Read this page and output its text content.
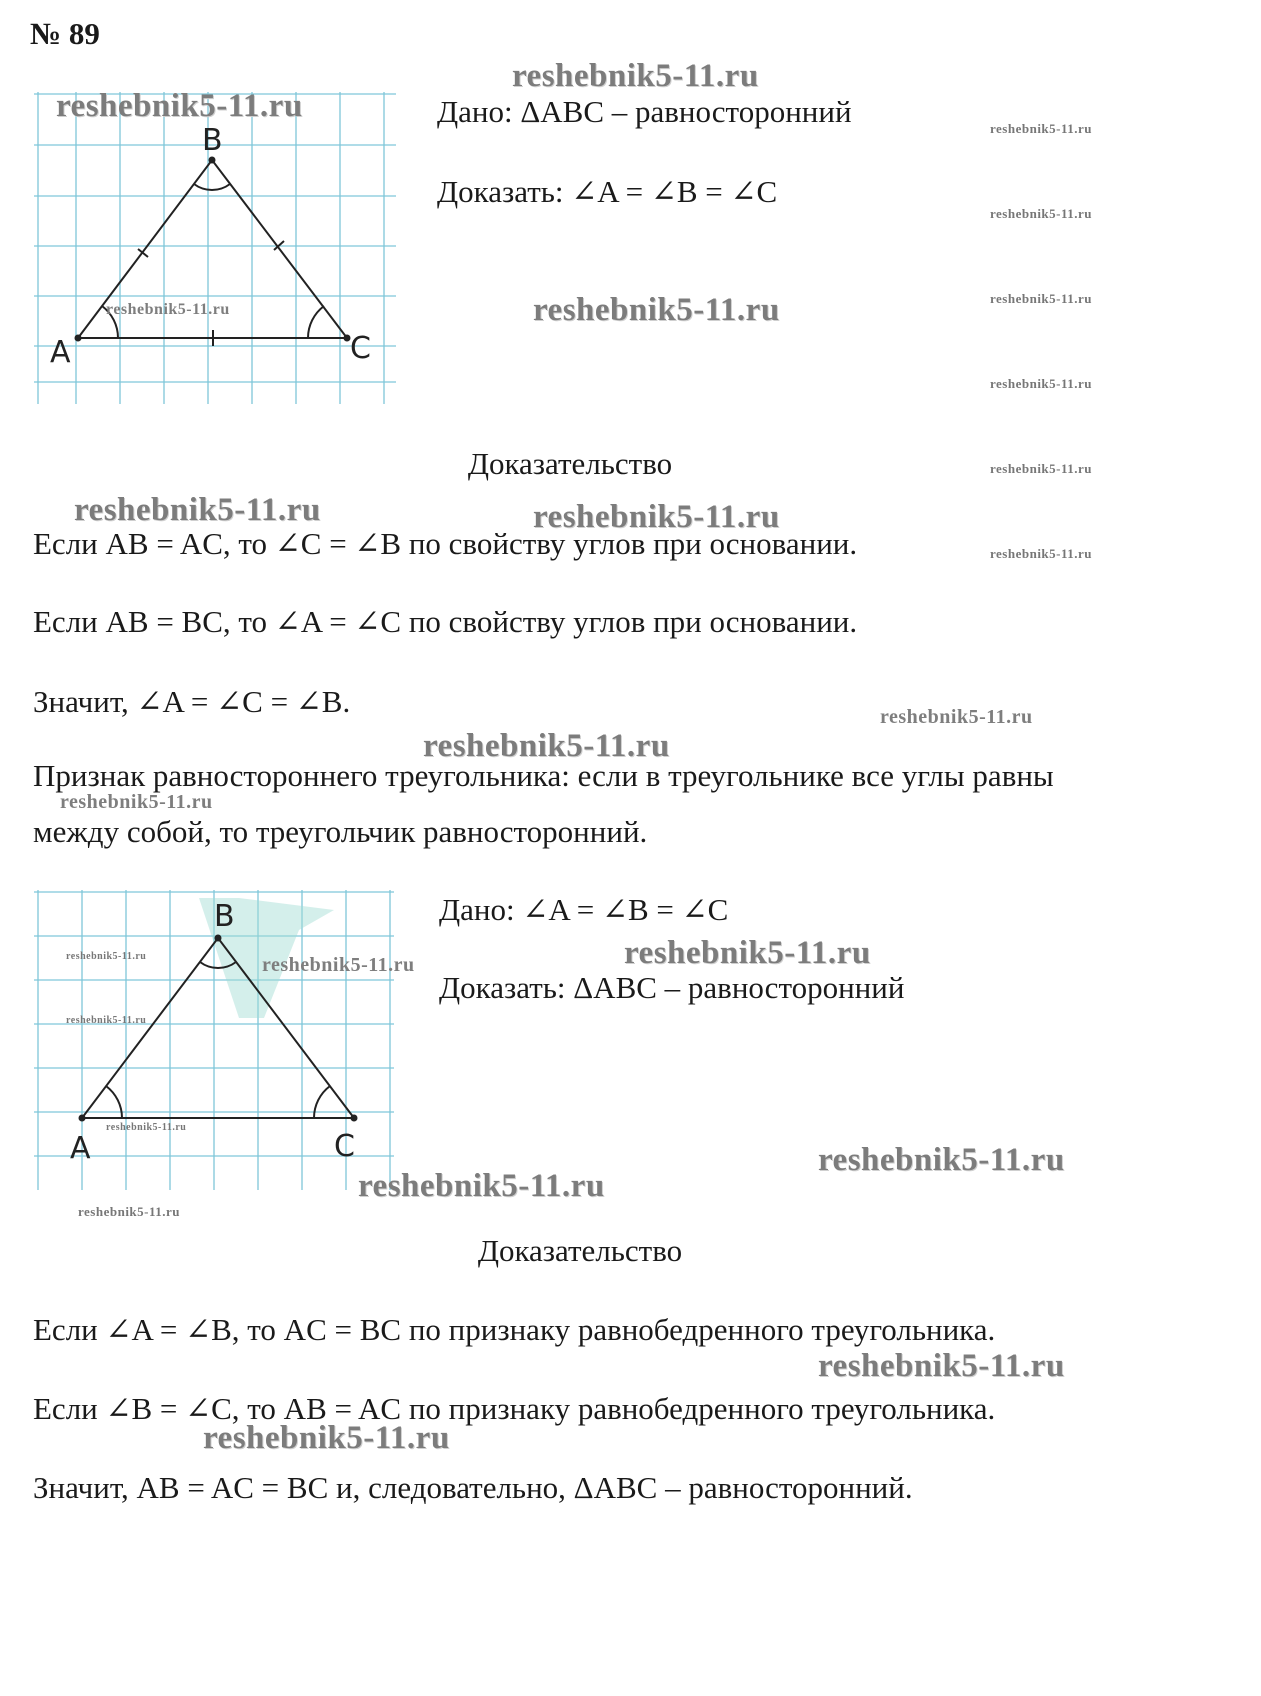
№ 89
A
B
C
Дано: ΔABC – равносторонний
Доказать: ∠A = ∠B = ∠C
Доказательство
Если AB = AC, то ∠C = ∠B по свойству углов при основании.
Если AB = BC, то ∠A = ∠C по свойству углов при основании.
Значит, ∠A = ∠C = ∠B.
Признак равностороннего треугольника: если в треугольнике все углы равны
между собой, то треугольчик равносторонний.
A
B
C
Дано: ∠A = ∠B = ∠C
Доказать: ΔABC – равносторонний
Доказательство
Если ∠A = ∠B, то AC = BC по признаку равнобедренного треугольника.
Если ∠B = ∠C, то AB = AC по признаку равнобедренного треугольника.
Значит, AB = AC = BC и, следовательно, ΔABC – равносторонний.
reshebnik5-11.ru
reshebnik5-11.ru
reshebnik5-11.ru
reshebnik5-11.ru
reshebnik5-11.ru
reshebnik5-11.ru
reshebnik5-11.ru
reshebnik5-11.ru
reshebnik5-11.ru
reshebnik5-11.ru
reshebnik5-11.ru	reshebnik5-11.ru
reshebnik5-11.ru
reshebnik5-11.ru
reshebnik5-11.ru
reshebnik5-11.ru
reshebnik5-11.ru
reshebnik5-11.ru
reshebnik5-11.ru
reshebnik5-11.ru
reshebnik5-11.ru
reshebnik5-11.ru
reshebnik5-11.ru
reshebnik5-11.ru
reshebnik5-11.ru
